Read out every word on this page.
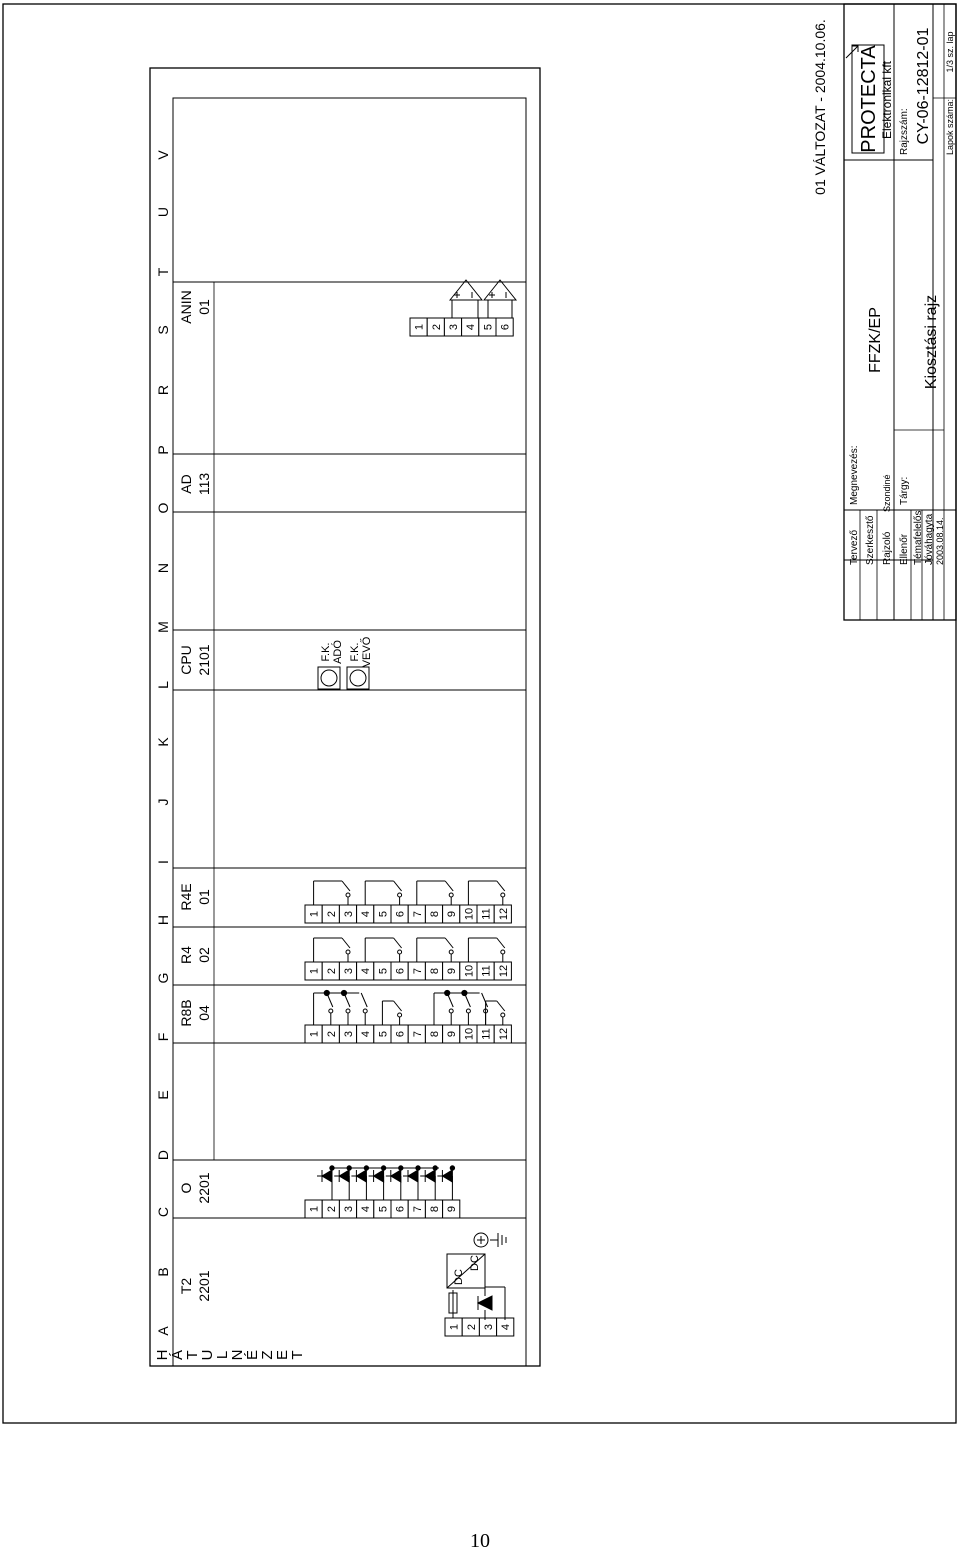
A
B
C
D
E
F
G
H
I
J
K
L
M
N
O
P
R
S
T
U
V
H
Á
T
U
L
N
É
Z
E
T
T2 2201
O 2201
R8B 04
R4 02
R4E 01
CPU 2101
AD 113
ANIN 01
1 2 3 4
1 2 3 4 5 6 7 8 9
1 2 3 4 5 6 7 8 9 10 11 12
1 2 3 4 5 6 7 8 9 10 11 12
1 2 3 4 5 6 7 8 9 10 11 12
1 2 3 4 5 6
DC
DC
F.K. ADÓ F.K. VEVŐ
01 VÁLTOZAT - 2004.10.06. PROTECTA Elektronikai kft
Tervező Szerkesztő Rajzoló
Szondiné
Ellenőr Témafelelős Jóváhagyta 2003.08.14.
Megnevezés:
FFZK/EP
Tárgy:
Kiosztási rajz
Rajzszám: CY-06-12812-01 Lapok száma:
1/3 sz. lap
10
